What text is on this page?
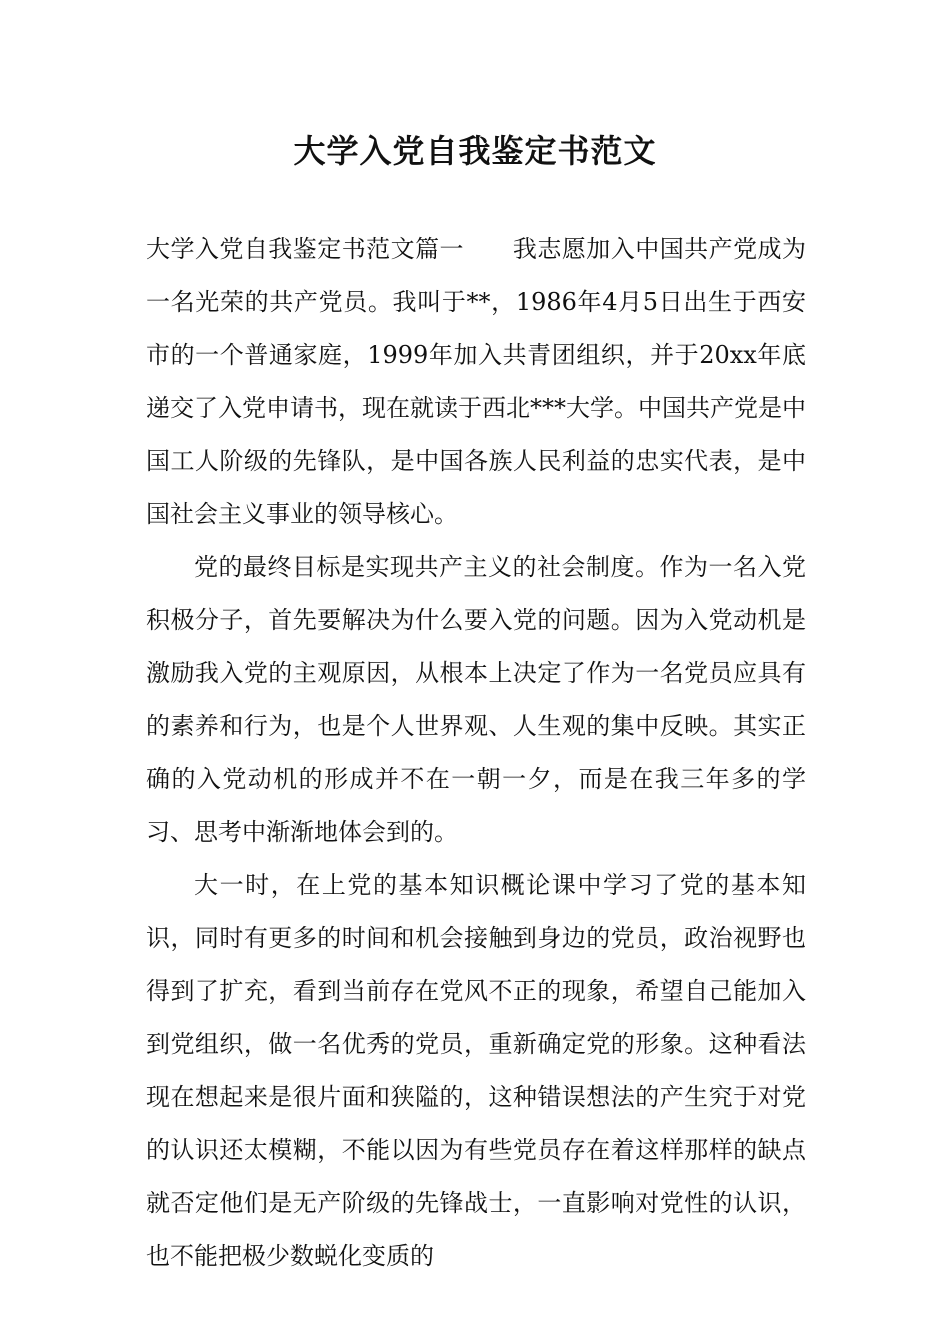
大学入党自我鉴定书范文

大学入党自我鉴定书范文篇一　　我志愿加入中国共产党成为一名光荣的共产党员。我叫于**，1986年4月5日出生于西安市的一个普通家庭，1999年加入共青团组织，并于20xx年底递交了入党申请书，现在就读于西北***大学。中国共产党是中国工人阶级的先锋队，是中国各族人民利益的忠实代表，是中国社会主义事业的领导核心。

党的最终目标是实现共产主义的社会制度。作为一名入党积极分子，首先要解决为什么要入党的问题。因为入党动机是激励我入党的主观原因，从根本上决定了作为一名党员应具有的素养和行为，也是个人世界观、人生观的集中反映。其实正确的入党动机的形成并不在一朝一夕，而是在我三年多的学习、思考中渐渐地体会到的。

大一时，在上党的基本知识概论课中学习了党的基本知识，同时有更多的时间和机会接触到身边的党员，政治视野也得到了扩充，看到当前存在党风不正的现象，希望自己能加入到党组织，做一名优秀的党员，重新确定党的形象。这种看法现在想起来是很片面和狭隘的，这种错误想法的产生究于对党的认识还太模糊，不能以因为有些党员存在着这样那样的缺点就否定他们是无产阶级的先锋战士，一直影响对党性的认识，也不能把极少数蜕化变质的
